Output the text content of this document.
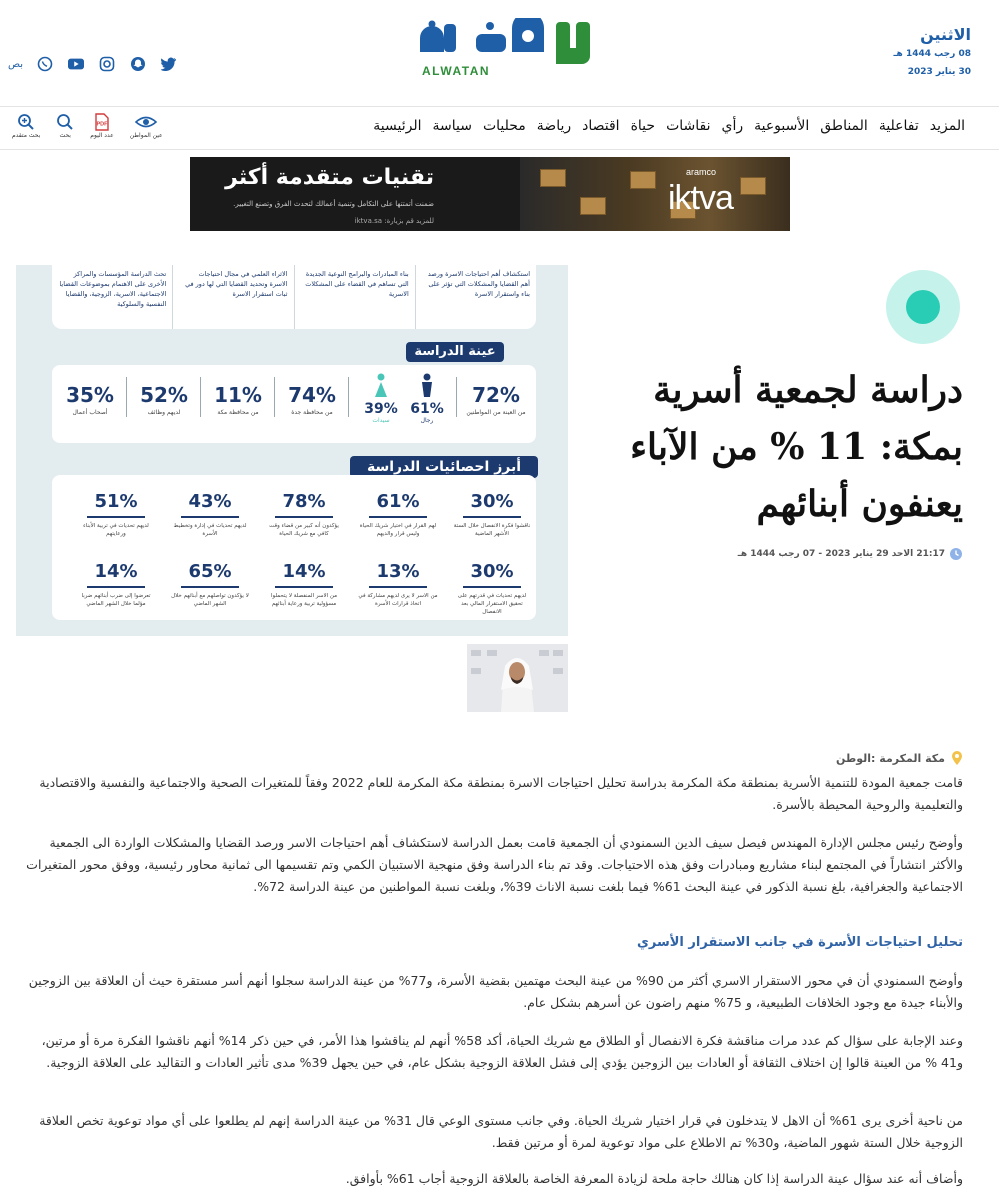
الاثنين
08 رجب 1444 هـ
30 يناير 2023
ALWATAN
بص
الرئيسية سياسة محليات رياضة اقتصاد حياة نقاشات رأي الأسبوعية المناطق تفاعلية المزيد
بحث متقدم	بحث
PDF
عدد اليوم	عين المواطن
تقنيات متقدمة أكثر
ضمنت أتمتتها على التكامل وتنمية أعمالك لتحدث الفرق وتصنع التغيير.
للمزيد قم بزيارة: iktva.sa
aramco
iktva
استكشاف أهم احتياجات الاسرة ورصد أهم القضايا والمشكلات التي تؤثر على بناء واستقرار الاسرة
بناء المبادرات والبرامج النوعية الجديدة التي تساهم في القضاء على المشكلات الاسرية
الاثراء العلمي في مجال احتياجات الاسرة وتحديد القضايا التي لها دور في ثبات استقرار الاسرة
تحث الدراسة المؤسسات والمراكز الأخرى على الاهتمام بموضوعات القضايا الاجتماعية، الاسرية، الزوجية، والقضايا النفسية والسلوكية
عينة الدراسة
72%
من العينة من المواطنين
61%
رجال
39%
سيدات
74%
من محافظة جدة
11%
من محافظة مكة
52%
لديهم وظائف
35%
أصحاب أعمال
أبرز احصائيات الدراسة
30%
ناقشوا فكرة الانفصال خلال الستة الأشهر الماضية
61%
لهم القرار في اختيار شريك الحياة وليس قرار والديهم
78%
يؤكدون أنه كبير من قضاء وقت كافي مع شريك الحياة
43%
لديهم تحديات في إدارة وتخطيط الأسرة
51%
لديهم تحديات في تربية الأبناء ورعايتهم
30%
لديهم تحديات في قدرتهم على تحقيق الاستقرار المالي بعد الانفصال
13%
من الاسر لا يرى لديهم مشاركة في اتخاذ قرارات الأسرة
14%
من الاسر المنفصلة لا يتحملوا مسؤولية تربية ورعاية أبنائهم
65%
لا يؤكدون تواصلهم مع أبنائهم خلال الشهر الماضي
14%
تعرضوا إلى ضرب أبنائهم ضربا مؤلما خلال الشهر الماضي
دراسة لجمعية أسرية بمكة: 11 % من الآباء يعنفون أبنائهم
21:17 الاحد 29 يناير 2023 - 07 رجب 1444 هـ
مكة المكرمة :الوطن

قامت جمعية المودة للتنمية الأسرية بمنطقة مكة المكرمة بدراسة تحليل احتياجات الاسرة بمنطقة مكة المكرمة للعام 2022 وفقاً للمتغيرات الصحية والاجتماعية والنفسية والاقتصادية والتعليمية والروحية المحيطة بالأسرة.

وأوضح رئيس مجلس الإدارة المهندس فيصل سيف الدين السمنودي أن الجمعية قامت بعمل الدراسة لاستكشاف أهم احتياجات الاسر ورصد القضايا والمشكلات الواردة الى الجمعية والأكثر انتشاراً في المجتمع لبناء مشاريع ومبادرات وفق هذه الاحتياجات. وقد تم بناء الدراسة وفق منهجية الاستبيان الكمي وتم تقسيمها الى ثمانية محاور رئيسية، ووفق محور المتغيرات الاجتماعية والجغرافية، بلغ نسبة الذكور في عينة البحث 61% فيما بلغت نسبة الاناث 39%، وبلغت نسبة المواطنين من عينة الدراسة 72%.

تحليل احتياجات الأسرة في جانب الاستقرار الأسري

وأوضح السمنودي أن في محور الاستقرار الاسري أكثر من 90% من عينة البحث مهتمين بقضية الأسرة، و77% من عينة الدراسة سجلوا أنهم أسر مستقرة حيث أن العلاقة بين الزوجين والأبناء جيدة مع وجود الخلافات الطبيعية، و 75% منهم راضون عن أسرهم بشكل عام.

وعند الإجابة على سؤال كم عدد مرات مناقشة فكرة الانفصال أو الطلاق مع شريك الحياة، أكد 58% أنهم لم يناقشوا هذا الأمر، في حين ذكر 14% أنهم ناقشوا الفكرة مرة أو مرتين، و41 % من العينة قالوا إن اختلاف الثقافة أو العادات بين الزوجين يؤدي إلى فشل العلاقة الزوجية بشكل عام، في حين يجهل 39% مدى تأثير العادات و التقاليد على العلاقة الزوجية.

من ناحية أخرى يرى 61% أن الاهل لا يتدخلون في قرار اختيار شريك الحياة. وفي جانب مستوى الوعي قال 31% من عينة الدراسة إنهم لم يطلعوا على أي مواد توعوية تخص العلاقة الزوجية خلال الستة شهور الماضية، و30% تم الاطلاع على مواد توعوية لمرة أو مرتين فقط.

وأضاف أنه عند سؤال عينة الدراسة إذا كان هنالك حاجة ملحة لزيادة المعرفة الخاصة بالعلاقة الزوجية أجاب 61% بأوافق.
